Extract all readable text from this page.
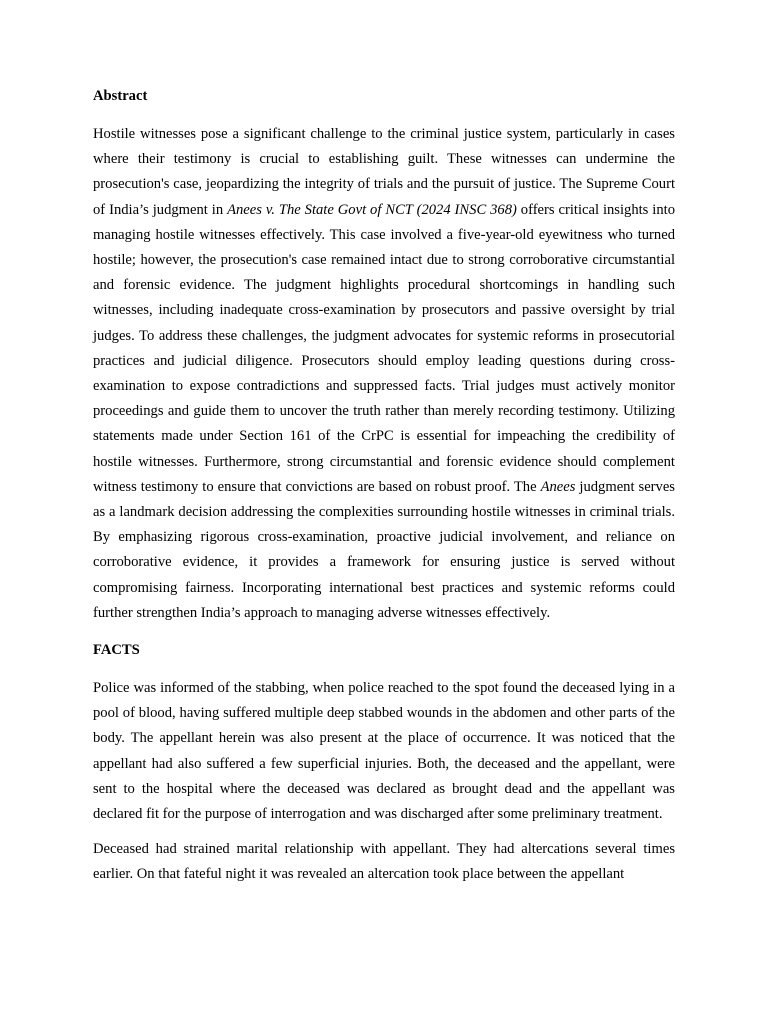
Abstract

Hostile witnesses pose a significant challenge to the criminal justice system, particularly in cases where their testimony is crucial to establishing guilt. These witnesses can undermine the prosecution's case, jeopardizing the integrity of trials and the pursuit of justice. The Supreme Court of India’s judgment in Anees v. The State Govt of NCT (2024 INSC 368) offers critical insights into managing hostile witnesses effectively. This case involved a five-year-old eyewitness who turned hostile; however, the prosecution's case remained intact due to strong corroborative circumstantial and forensic evidence. The judgment highlights procedural shortcomings in handling such witnesses, including inadequate cross-examination by prosecutors and passive oversight by trial judges. To address these challenges, the judgment advocates for systemic reforms in prosecutorial practices and judicial diligence. Prosecutors should employ leading questions during cross-examination to expose contradictions and suppressed facts. Trial judges must actively monitor proceedings and guide them to uncover the truth rather than merely recording testimony. Utilizing statements made under Section 161 of the CrPC is essential for impeaching the credibility of hostile witnesses. Furthermore, strong circumstantial and forensic evidence should complement witness testimony to ensure that convictions are based on robust proof. The Anees judgment serves as a landmark decision addressing the complexities surrounding hostile witnesses in criminal trials. By emphasizing rigorous cross-examination, proactive judicial involvement, and reliance on corroborative evidence, it provides a framework for ensuring justice is served without compromising fairness. Incorporating international best practices and systemic reforms could further strengthen India’s approach to managing adverse witnesses effectively.

FACTS

Police was informed of the stabbing, when police reached to the spot found the deceased lying in a pool of blood, having suffered multiple deep stabbed wounds in the abdomen and other parts of the body. The appellant herein was also present at the place of occurrence. It was noticed that the appellant had also suffered a few superficial injuries. Both, the deceased and the appellant, were sent to the hospital where the deceased was declared as brought dead and the appellant was declared fit for the purpose of interrogation and was discharged after some preliminary treatment.

Deceased had strained marital relationship with appellant. They had altercations several times earlier. On that fateful night it was revealed an altercation took place between the appellant
